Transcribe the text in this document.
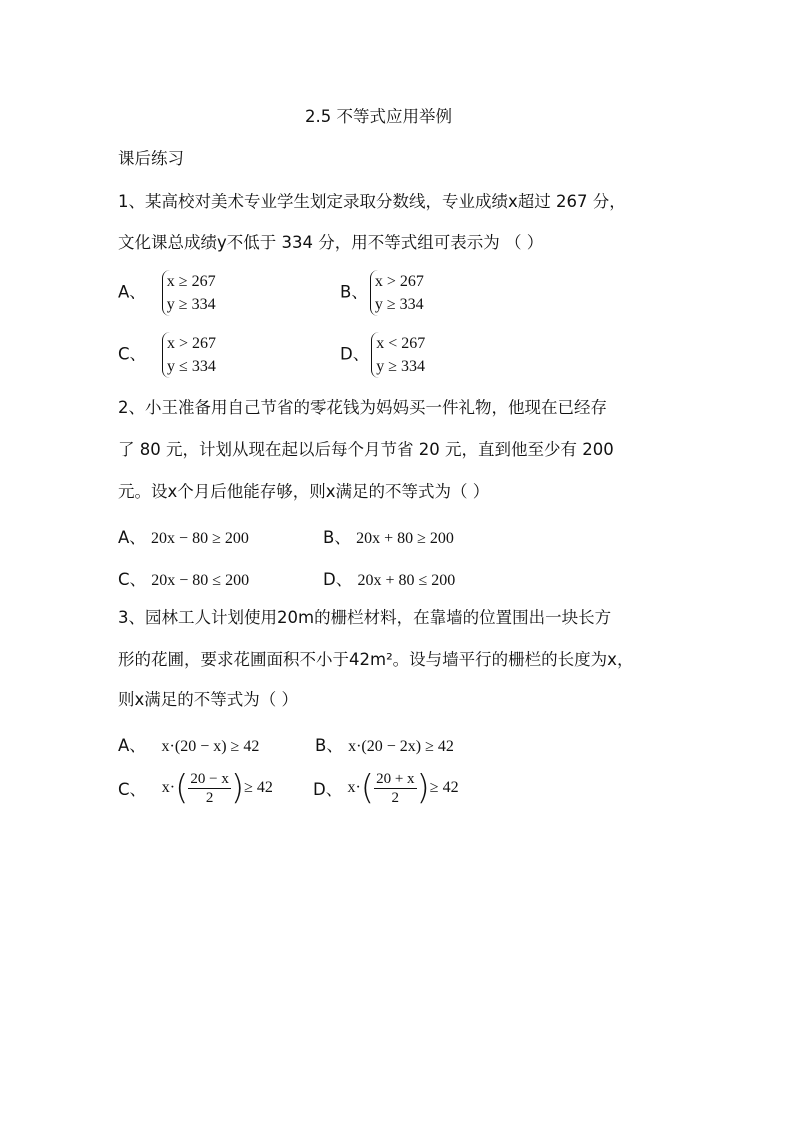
2.5 不等式应用举例
课后练习
1、某高校对美术专业学生划定录取分数线，专业成绩x超过 267 分，
文化课总成绩y不低于 334 分，用不等式组可表示为 （ ）
A、
x ≥ 267
y ≥ 334
B、
x > 267
y ≥ 334
C、
x > 267
y ≤ 334
D、
x < 267
y ≥ 334
2、小王准备用自己节省的零花钱为妈妈买一件礼物，他现在已经存
了 80 元，计划从现在起以后每个月节省 20 元，直到他至少有 200
元。设x个月后他能存够，则x满足的不等式为（ ）
A、 20x − 80 ≥ 200	B、 20x + 80 ≥ 200
C、 20x − 80 ≤ 200	D、 20x + 80 ≤ 200
3、园林工人计划使用20m的栅栏材料，在靠墙的位置围出一块长方
形的花圃，要求花圃面积不小于42m²。设与墙平行的栅栏的长度为x，
则x满足的不等式为（ ）
A、 x·(20 − x) ≥ 42	B、 x·(20 − 2x) ≥ 42
C、 $x\cdot( \frac{20 - x}{2}$ )≥ 42 D、 $x\cdot( \frac{20 + x}{2}$ )≥ 42
